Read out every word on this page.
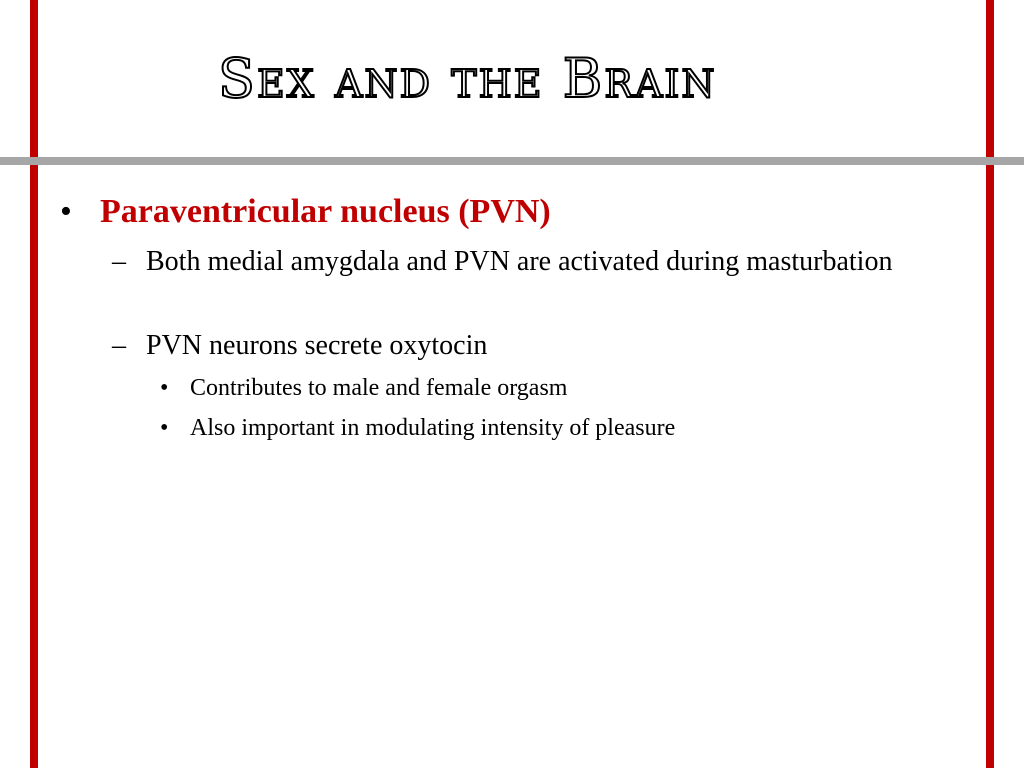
Sex and the Brain

• Paraventricular nucleus (PVN)

– Both medial amygdala and PVN are activated during masturbation

– PVN neurons secrete oxytocin

• Contributes to male and female orgasm

• Also important in modulating intensity of pleasure
